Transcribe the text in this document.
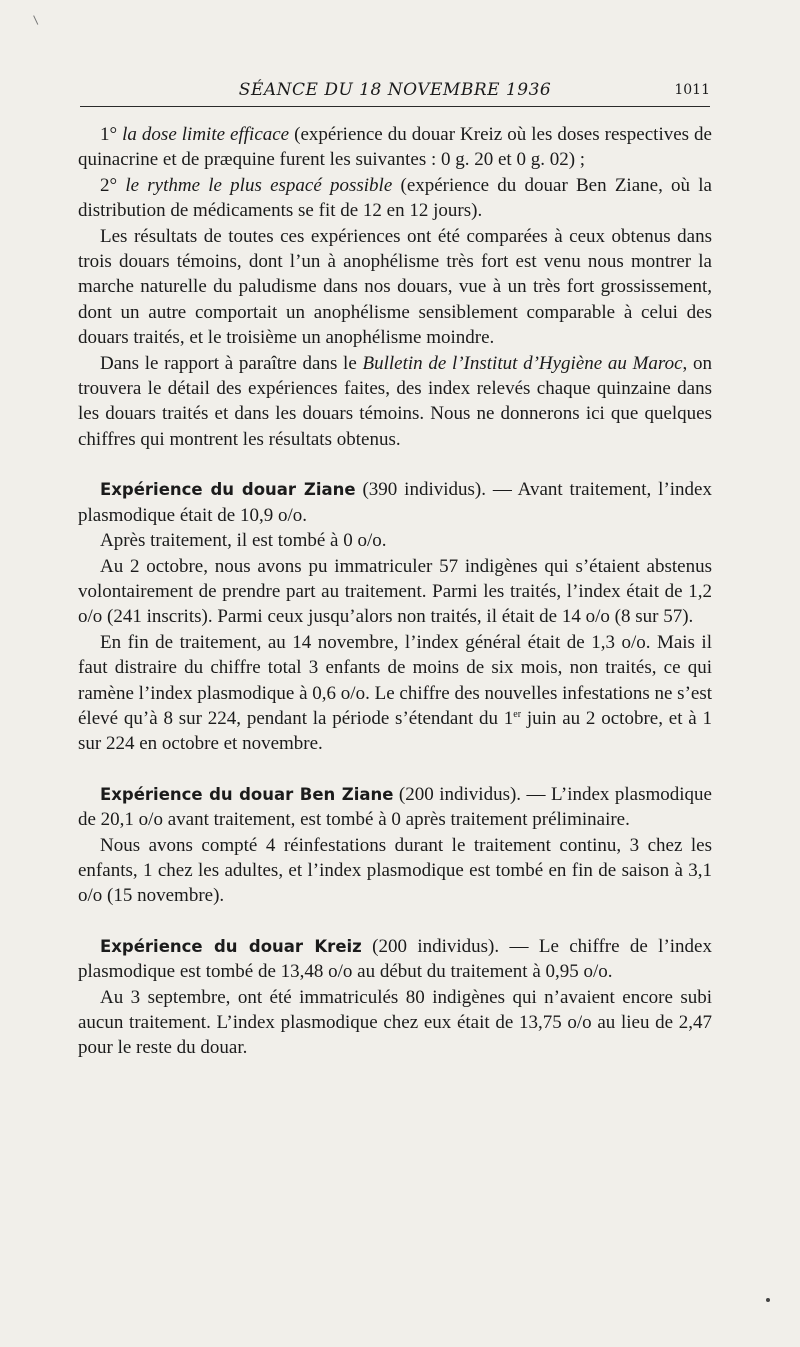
SÉANCE DU 18 NOVEMBRE 1936	1011

1° la dose limite efficace (expérience du douar Kreiz où les doses respectives de quinacrine et de præquine furent les suivantes : 0 g. 20 et 0 g. 02) ;

2° le rythme le plus espacé possible (expérience du douar Ben Ziane, où la distribution de médicaments se fit de 12 en 12 jours).

Les résultats de toutes ces expériences ont été comparées à ceux obtenus dans trois douars témoins, dont l’un à anophélisme très fort est venu nous montrer la marche naturelle du paludisme dans nos douars, vue à un très fort grossissement, dont un autre comportait un anophélisme sensiblement comparable à celui des douars traités, et le troisième un anophélisme moindre.

Dans le rapport à paraître dans le Bulletin de l’Institut d’Hygiène au Maroc, on trouvera le détail des expériences faites, des index relevés chaque quinzaine dans les douars traités et dans les douars témoins. Nous ne donnerons ici que quelques chiffres qui montrent les résultats obtenus.

Expérience du douar Ziane (390 individus). — Avant traitement, l’index plasmodique était de 10,9 o/o.

Après traitement, il est tombé à 0 o/o.

Au 2 octobre, nous avons pu immatriculer 57 indigènes qui s’étaient abstenus volontairement de prendre part au traitement. Parmi les traités, l’index était de 1,2 o/o (241 inscrits). Parmi ceux jusqu’alors non traités, il était de 14 o/o (8 sur 57).

En fin de traitement, au 14 novembre, l’index général était de 1,3 o/o. Mais il faut distraire du chiffre total 3 enfants de moins de six mois, non traités, ce qui ramène l’index plasmodique à 0,6 o/o. Le chiffre des nouvelles infestations ne s’est élevé qu’à 8 sur 224, pendant la période s’étendant du 1er juin au 2 octobre, et à 1 sur 224 en octobre et novembre.

Expérience du douar Ben Ziane (200 individus). — L’index plasmodique de 20,1 o/o avant traitement, est tombé à 0 après traitement préliminaire.

Nous avons compté 4 réinfestations durant le traitement continu, 3 chez les enfants, 1 chez les adultes, et l’index plasmodique est tombé en fin de saison à 3,1 o/o (15 novembre).

Expérience du douar Kreiz (200 individus). — Le chiffre de l’index plasmodique est tombé de 13,48 o/o au début du traitement à 0,95 o/o.

Au 3 septembre, ont été immatriculés 80 indigènes qui n’avaient encore subi aucun traitement. L’index plasmodique chez eux était de 13,75 o/o au lieu de 2,47 pour le reste du douar.
